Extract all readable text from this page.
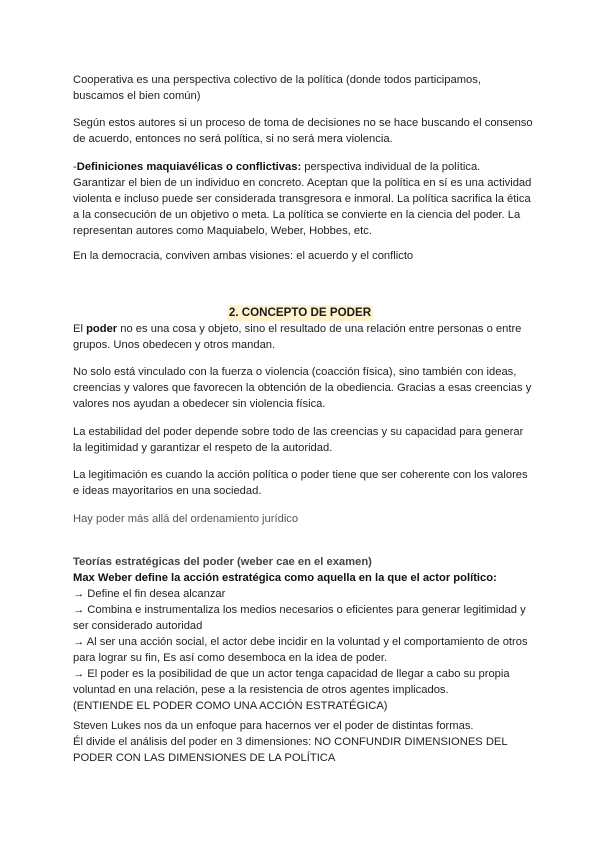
Cooperativa es una perspectiva colectivo de la política (donde todos participamos, buscamos el bien común)

Según estos autores si un proceso de toma de decisiones no se hace buscando el consenso de acuerdo, entonces no será política, si no será mera violencia.

-Definiciones maquiavélicas o conflictivas: perspectiva individual de la política. Garantizar el bien de un individuo en concreto. Aceptan que la política en sí es una actividad violenta e incluso puede ser considerada transgresora e inmoral. La política sacrifica la ética a la consecución de un objetivo o meta. La política se convierte en la ciencia del poder. La representan autores como Maquiabelo, Weber, Hobbes, etc.

En la democracia, conviven ambas visiones: el acuerdo y el conflicto

2. CONCEPTO DE PODER

El poder no es una cosa y objeto, sino el resultado de una relación entre personas o entre grupos. Unos obedecen y otros mandan.

No solo está vinculado con la fuerza o violencia (coacción física), sino también con ideas, creencias y valores que favorecen la obtención de la obediencia. Gracias a esas creencias y valores nos ayudan a obedecer sin violencia física.

La estabilidad del poder depende sobre todo de las creencias y su capacidad para generar la legitimidad y garantizar el respeto de la autoridad.

La legitimación es cuando la acción política o poder tiene que ser coherente con los valores e ideas mayoritarios en una sociedad.

Hay poder más allá del ordenamiento jurídico

Teorías estratégicas del poder (weber cae en el examen)
Max Weber define la acción estratégica como aquella en la que el actor político:
→ Define el fin desea alcanzar
→ Combina e instrumentaliza los medios necesarios o eficientes para generar legitimidad y ser considerado autoridad
→ Al ser una acción social, el actor debe incidir en la voluntad y el comportamiento de otros para lograr su fin, Es así como desemboca en la idea de poder.
→ El poder es la posibilidad de que un actor tenga capacidad de llegar a cabo su propia voluntad en una relación, pese a la resistencia de otros agentes implicados.
(ENTIENDE EL PODER COMO UNA ACCIÓN ESTRATÉGICA)
Steven Lukes nos da un enfoque para hacernos ver el poder de distintas formas.
Él divide el análisis del poder en 3 dimensiones: NO CONFUNDIR DIMENSIONES DEL PODER CON LAS DIMENSIONES DE LA POLÍTICA
